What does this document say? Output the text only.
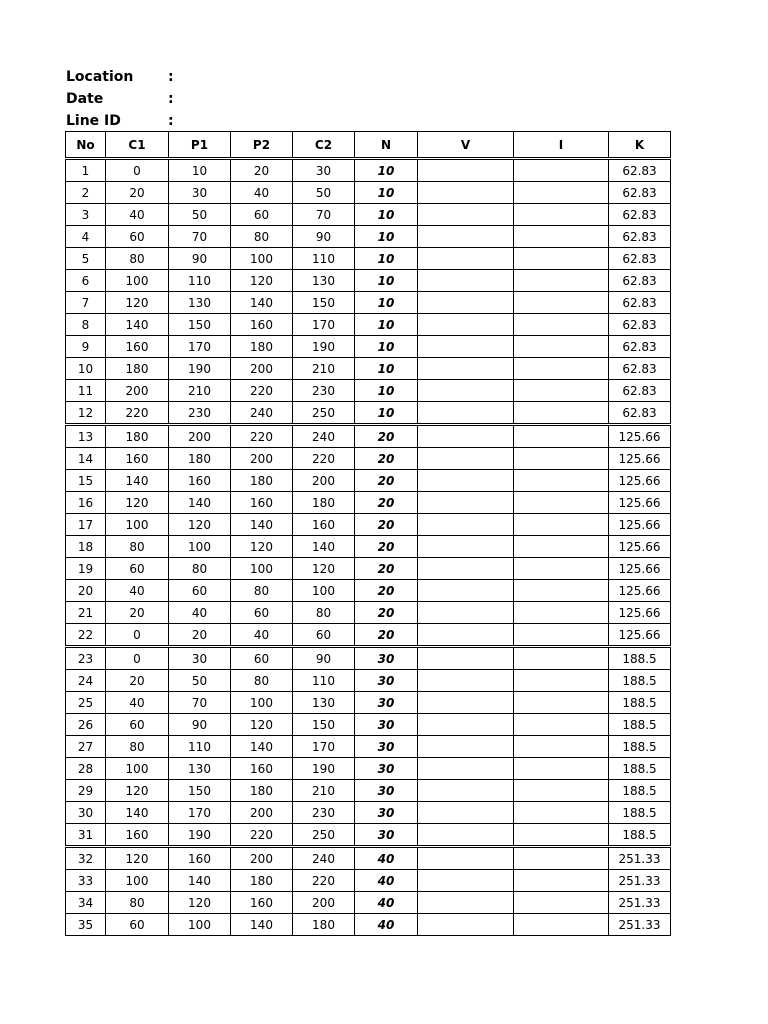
Location :
Date	:
Line ID	:
No	C1	P1	P2	C2	N	V	I	K
1	0	10	20	30	10			62.83
2	20	30	40	50	10			62.83
3	40	50	60	70	10			62.83
4	60	70	80	90	10			62.83
5	80	90	100	110	10			62.83
6	100	110	120	130	10			62.83
7	120	130	140	150	10			62.83
8	140	150	160	170	10			62.83
9	160	170	180	190	10			62.83
10	180	190	200	210	10			62.83
11	200	210	220	230	10			62.83
12	220	230	240	250	10			62.83
13	180	200	220	240	20			125.66
14	160	180	200	220	20			125.66
15	140	160	180	200	20			125.66
16	120	140	160	180	20			125.66
17	100	120	140	160	20			125.66
18	80	100	120	140	20			125.66
19	60	80	100	120	20			125.66
20	40	60	80	100	20			125.66
21	20	40	60	80	20			125.66
22	0	20	40	60	20			125.66
23	0	30	60	90	30			188.5
24	20	50	80	110	30			188.5
25	40	70	100	130	30			188.5
26	60	90	120	150	30			188.5
27	80	110	140	170	30			188.5
28	100	130	160	190	30			188.5
29	120	150	180	210	30			188.5
30	140	170	200	230	30			188.5
31	160	190	220	250	30			188.5
32	120	160	200	240	40			251.33
33	100	140	180	220	40			251.33
34	80	120	160	200	40			251.33
35	60	100	140	180	40			251.33
